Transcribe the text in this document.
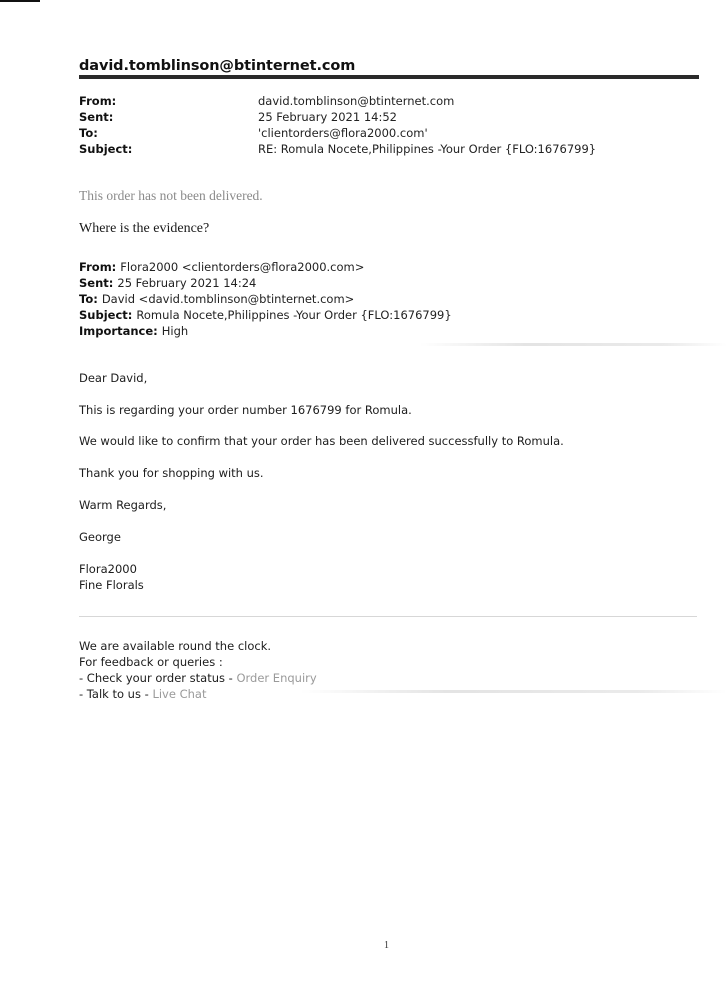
david.tomblinson@btinternet.com
From:	david.tomblinson@btinternet.com
Sent:	25 February 2021 14:52
To:	'clientorders@flora2000.com'
Subject:	RE: Romula Nocete,Philippines -Your Order {FLO:1676799}
This order has not been delivered.
Where is the evidence?
From: Flora2000 <clientorders@flora2000.com>
Sent: 25 February 2021 14:24
To: David <david.tomblinson@btinternet.com>
Subject: Romula Nocete,Philippines -Your Order {FLO:1676799}
Importance: High
Dear David,
This is regarding your order number 1676799 for Romula.
We would like to confirm that your order has been delivered successfully to Romula.
Thank you for shopping with us.
Warm Regards,
George
Flora2000
Fine Florals
We are available round the clock.
For feedback or queries :
- Check your order status - Order Enquiry
- Talk to us - Live Chat
1
